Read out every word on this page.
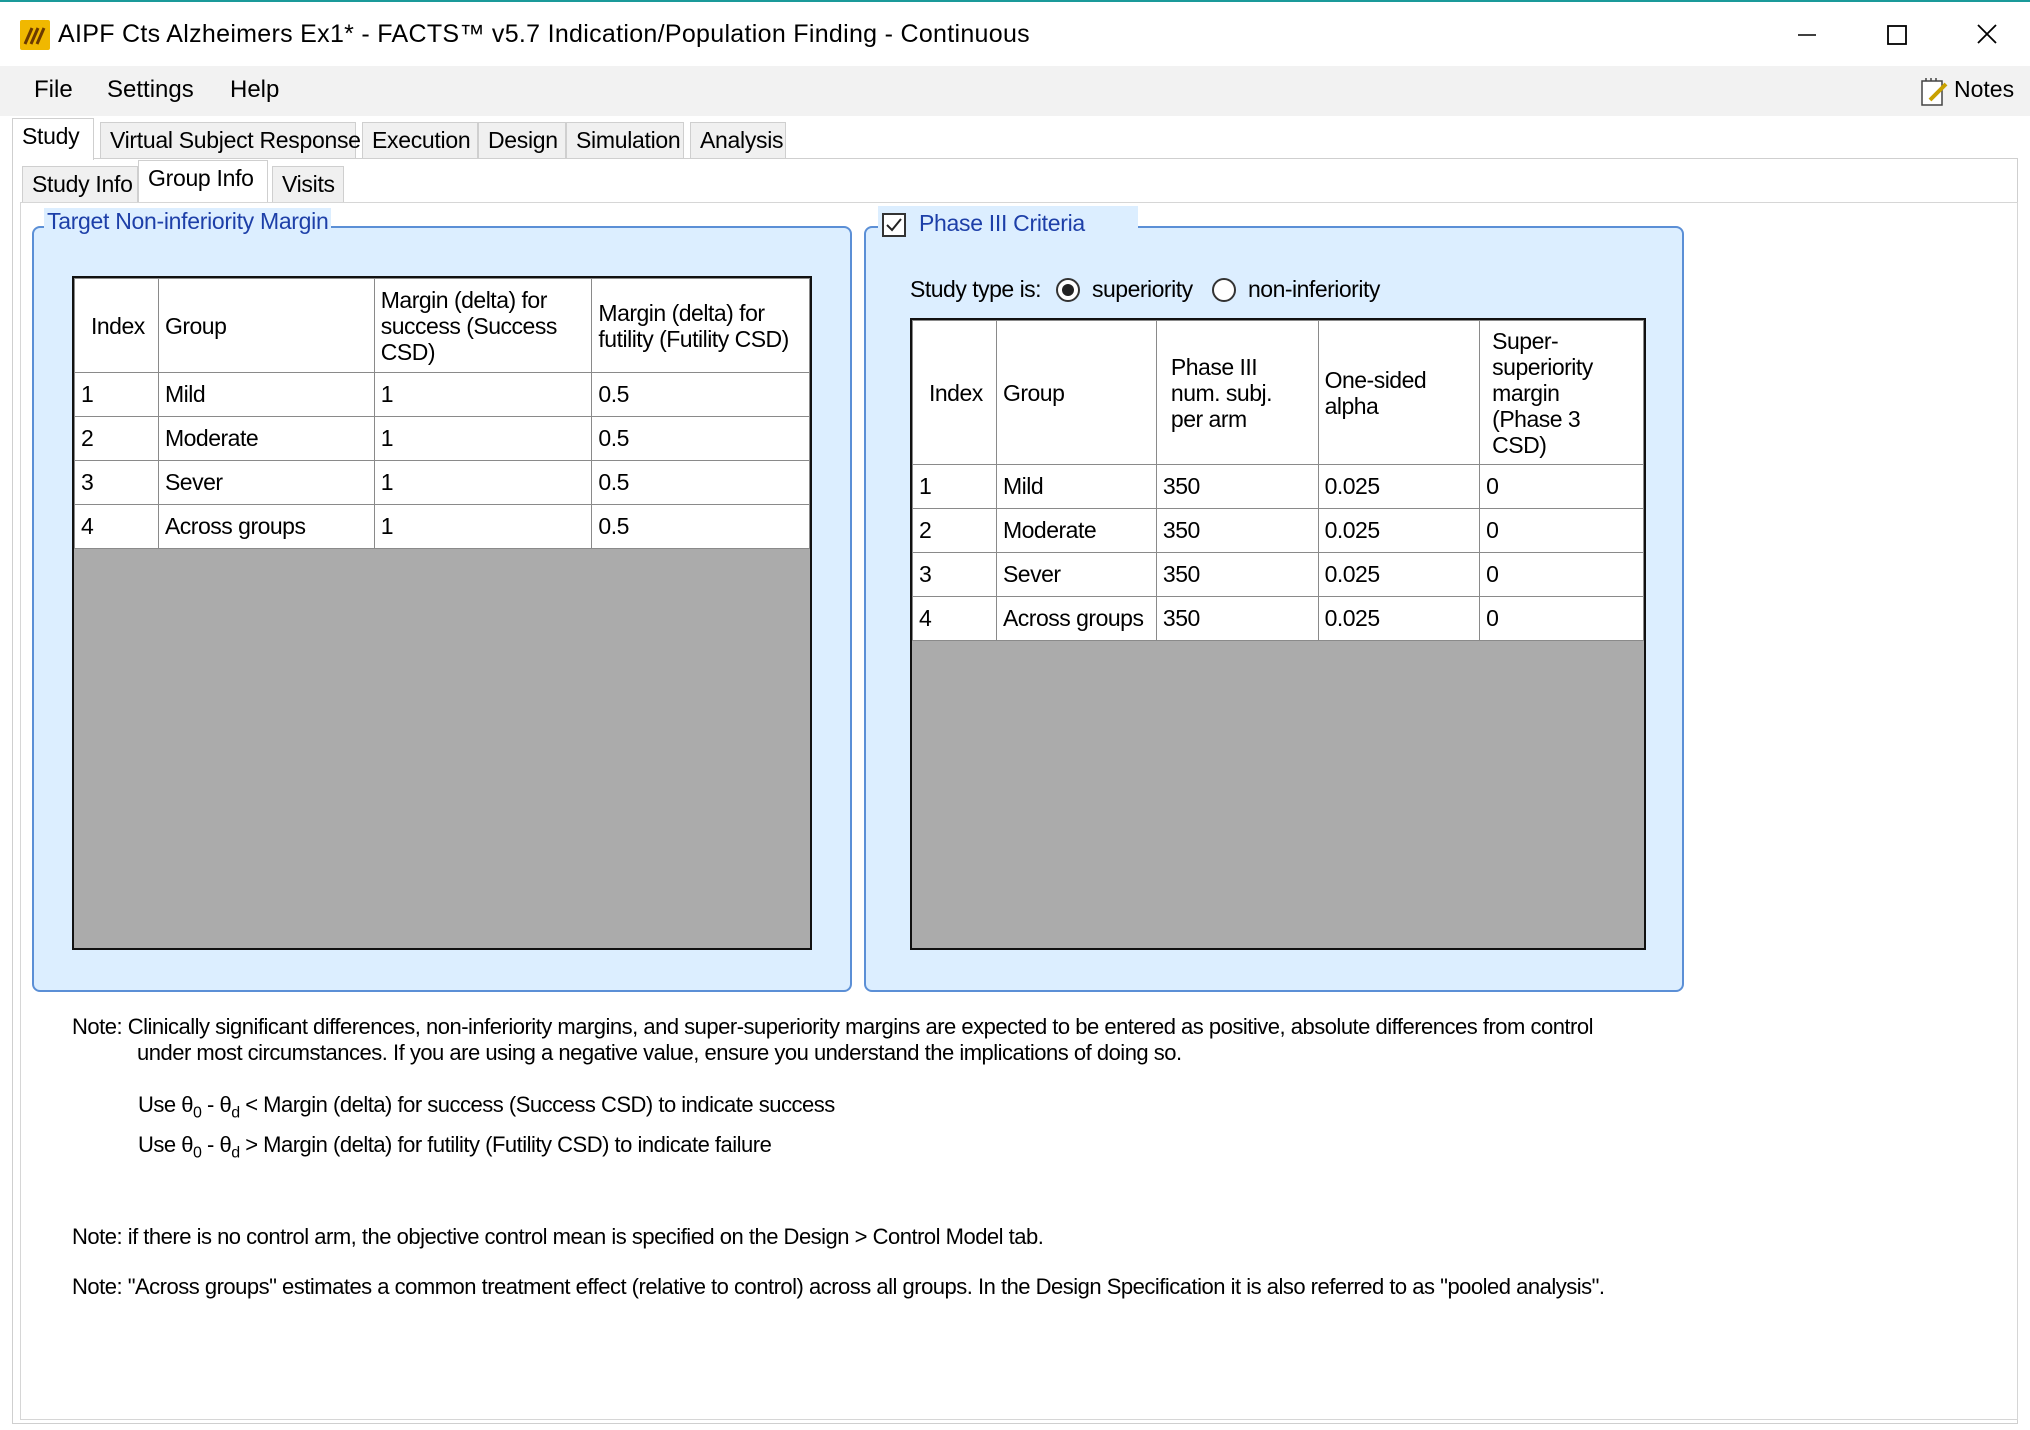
AIPF Cts Alzheimers Ex1* - FACTS™ v5.7 Indication/Population Finding - Continuous
File Settings Help	Notes
Study	Virtual Subject Response Execution Design Simulation Analysis
Study Info Group Info	Visits
Target Non-inferiority Margin
Index	Group	Margin (delta) for success (Success CSD)	Margin (delta) for futility (Futility CSD)
1	Mild	1	0.5
2	Moderate	1	0.5
3	Sever	1	0.5
4	Across groups	1	0.5
Phase III Criteria
Study type is: superiority non-inferiority
Index	Group	Phase III num. subj. per arm	One-sided alpha	Super-superiority margin (Phase 3 CSD)
1	Mild	350	0.025	0
2	Moderate	350	0.025	0
3	Sever	350	0.025	0
4	Across groups	350	0.025	0
Note: Clinically significant differences, non-inferiority margins, and super-superiority margins are expected to be entered as positive, absolute differences from control
under most circumstances. If you are using a negative value, ensure you understand the implications of doing so.
Use $\theta_0 - \theta_d$ < Margin (delta) for success (Success CSD) to indicate success
Use $\theta_0 - \theta_d$ > Margin (delta) for futility (Futility CSD) to indicate failure
Note: if there is no control arm, the objective control mean is specified on the Design > Control Model tab.
Note: "Across groups" estimates a common treatment effect (relative to control) across all groups. In the Design Specification it is also referred to as "pooled analysis".
